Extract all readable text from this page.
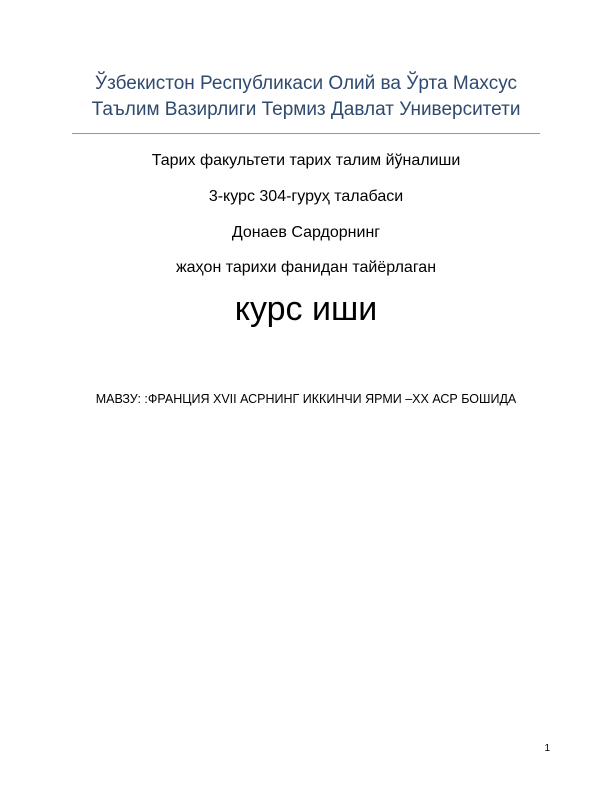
Ўзбекистон Республикаси Олий ва Ўрта Махсус
Таълим Вазирлиги Термиз Давлат Университети
Тарих факультети тарих талим йўналиши
3-курс 304-гуруҳ талабаси
Донаев Сардорнинг
жаҳон тарихи фанидан тайёрлаган
курс иши
МАВЗУ: :ФРАНЦИЯ XVII АСРНИНГ ИККИНЧИ ЯРМИ –XX АСР БОШИДА
1
